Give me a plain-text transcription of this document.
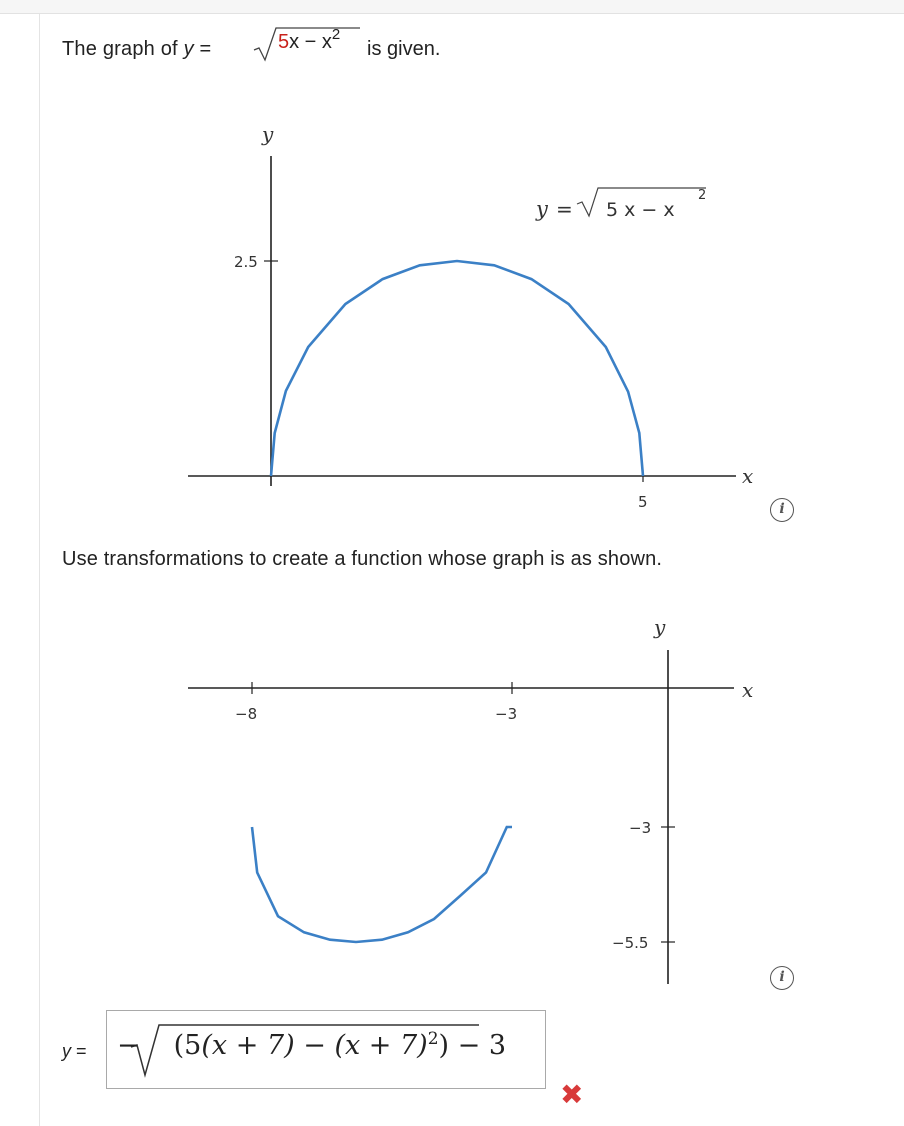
The graph of y =	$5x - x^2$
is given.
y
x
2.5
5
y = 5 x − x
2
i
Use transformations to create a function whose graph is as shown.
y
x
−8	−3
−3
−5.5
i
y = − $(5(x + 7) - (x + 7)^2) - 3$
✖
